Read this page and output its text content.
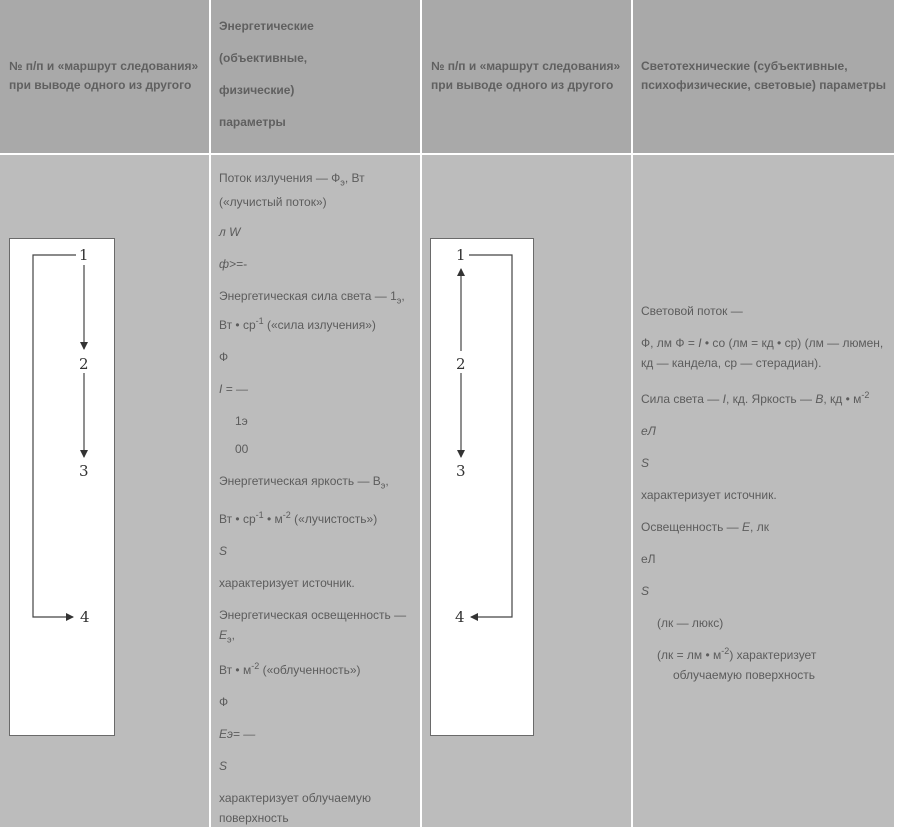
№ п/п и «маршрут следования» при выводе одного из другого
Энергетические
(объективные,
физические)
параметры
№ п/п и «маршрут следования» при выводе одного из другого
Светотехнические (субъективные, психофизические, световые) параметры
1
2
3
4
Поток излучения — $Ф_э$, Вт
(«лучистый поток»)
л W
ф>=-
Энергетическая сила света — $1_э$,
Вт • $ср^{-1}$ («сила излучения»)
Ф
I = —
1э
00
Энергетическая яркость — $В_э$,
Вт • $ср^{-1}$ • $м^{-2}$ («лучистость»)
S
характеризует источник.
Энергетическая освещенность —
$Е_э$,
Вт • $м^{-2}$ («облученность»)
Ф
Еэ= —
S
характеризует облучаемую поверхность
1
2
3
4
Световой поток —
Ф, лм Ф = I • со (лм = кд • ср) (лм — люмен, кд — кандела, ср — стерадиан).
Сила света — I, кд. Яркость — В, кд • $м^{-2}$
еЛ
S
характеризует источник.
Освещенность — Е, лк
еЛ
S
(лк — люкс)
(лк = лм • $м^{-2}$) характеризует
облучаемую поверхность
